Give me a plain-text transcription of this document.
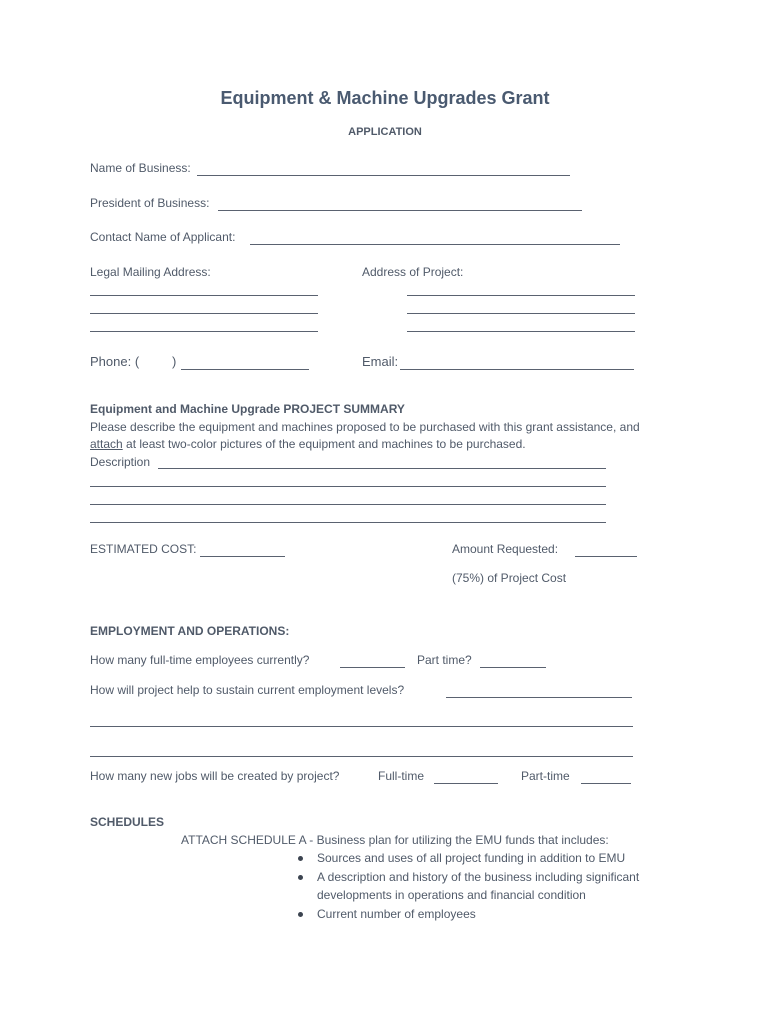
Equipment & Machine Upgrades Grant
APPLICATION
Name of Business:
President of Business:
Contact Name of Applicant:
Legal Mailing Address:	Address of Project:
Phone: (	)	Email:
Equipment and Machine Upgrade PROJECT SUMMARY
Please describe the equipment and machines proposed to be purchased with this grant assistance, and
attach at least two-color pictures of the equipment and machines to be purchased.
Description
ESTIMATED COST:	Amount Requested:
(75%) of Project Cost
EMPLOYMENT AND OPERATIONS:
How many full-time employees currently?	Part time?
How will project help to sustain current employment levels?
How many new jobs will be created by project?	Full-time	Part-time
SCHEDULES
ATTACH SCHEDULE A - Business plan for utilizing the EMU funds that includes:
Sources and uses of all project funding in addition to EMU
A description and history of the business including significant
developments in operations and financial condition
Current number of employees
